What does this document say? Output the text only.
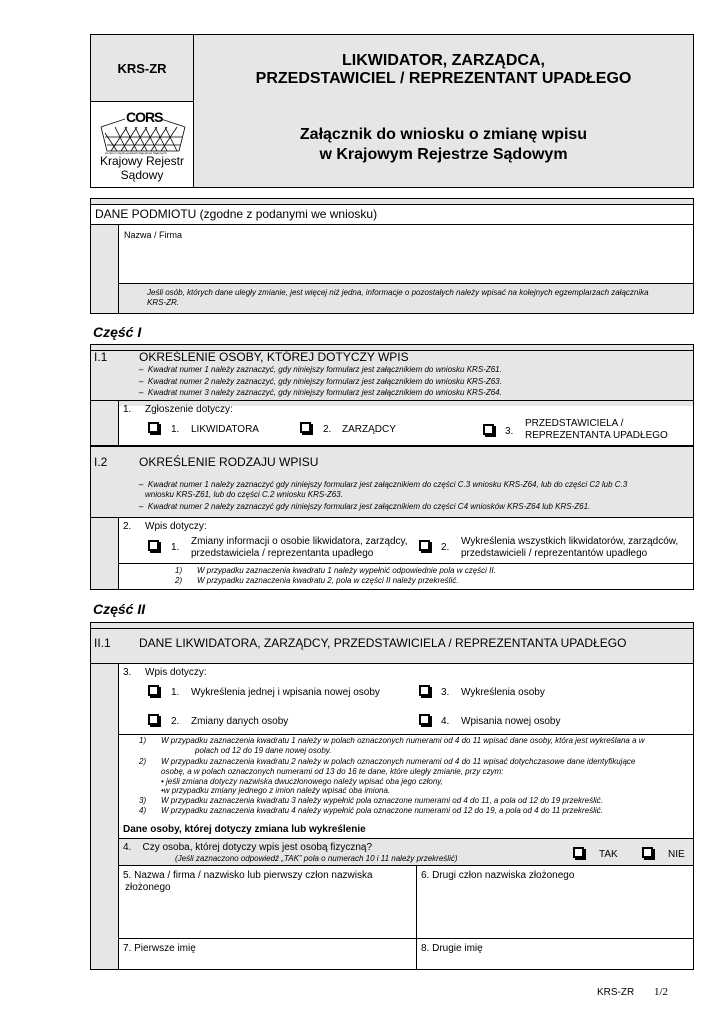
KRS-ZR	LIKWIDATOR, ZARZĄDCA,
PRZEDSTAWICIEL / REPREZENTANT UPADŁEGO
Załącznik do wniosku o zmianę wpisu
w Krajowym Rejestrze Sądowym
CORS
Centrum Ogólnopolskich Rejestrów Sądowych
Krajowy Rejestr
Sądowy
DANE PODMIOTU (zgodne z podanymi we wniosku)
Nazwa / Firma
Jeśli osób, których dane uległy zmianie, jest więcej niż jedna, informacje o pozostałych należy wpisać na kolejnych egzemplarzach załącznika
KRS-ZR.
Część I
I.1	OKREŚLENIE OSOBY, KTÓREJ DOTYCZY WPIS
–  Kwadrat numer 1 należy zaznaczyć, gdy niniejszy formularz jest załącznikiem do wniosku KRS-Z61.
–  Kwadrat numer 2 należy zaznaczyć, gdy niniejszy formularz jest załącznikiem do wniosku KRS-Z63.
–  Kwadrat numer 3 należy zaznaczyć, gdy niniejszy formularz jest załącznikiem do wniosku KRS-Z64.
1. Zgłoszenie dotyczy:
1. LIKWIDATORA	2. ZARZĄDCY	3.
PRZEDSTAWICIELA /
REPREZENTANTA UPADŁEGO
I.2	OKREŚLENIE RODZAJU WPISU
–  Kwadrat numer 1 należy zaznaczyć gdy niniejszy formularz jest załącznikiem do części C.3 wniosku KRS-Z64, lub do części C2 lub C.3
wniosku KRS-Z61, lub do części C.2 wniosku KRS-Z63.
–  Kwadrat numer 2 należy zaznaczyć gdy niniejszy formularz jest załącznikiem do części C4 wniosków KRS-Z64 lub KRS-Z61.
2. Wpis dotyczy:
1.
Zmiany informacji o osobie likwidatora, zarządcy,
przedstawiciela / reprezentanta upadłego
2.
Wykreślenia wszystkich likwidatorów, zarządców,
przedstawicieli / reprezentantów upadłego
1) W przypadku zaznaczenia kwadratu 1 należy wypełnić odpowiednie pola w części II.
2) W przypadku zaznaczenia kwadratu 2, pola w części II należy przekreślić.
Część II
II.1 DANE LIKWIDATORA, ZARZĄDCY, PRZEDSTAWICIELA / REPREZENTANTA UPADŁEGO
3. Wpis dotyczy:
1. Wykreślenia jednej i wpisania nowej osoby	3. Wykreślenia osoby
2. Zmiany danych osoby	4. Wpisania nowej osoby
1) W przypadku zaznaczenia kwadratu 1 należy w polach oznaczonych numerami od 4 do 11 wpisać dane osoby, która jest wykreślana a w
polach od 12 do 19 dane nowej osoby.
2) W przypadku zaznaczenia kwadratu 2 należy w polach oznaczonych numerami od 4 do 11 wpisać dotychczasowe dane identyfikujące
osobę, a w polach oznaczonych numerami od 13 do 16 te dane, które uległy zmianie, przy czym:
• jeśli zmiana dotyczy nazwiska dwuczłonowego należy wpisać oba jego człony,
•w przypadku zmiany jednego z imion należy wpisać oba imiona.
3) W przypadku zaznaczenia kwadratu 3 należy wypełnić pola oznaczone numerami od 4 do 11, a pola od 12 do 19 przekreślić.
4) W przypadku zaznaczenia kwadratu 4 należy wypełnić pola oznaczone numerami od 12 do 19, a pola od 4 do 11 przekreślić.
Dane osoby, której dotyczy zmiana lub wykreślenie
4. Czy osoba, której dotyczy wpis jest osobą fizyczną?
(Jeśli zaznaczono odpowiedź „TAK” pola o numerach 10 i 11 należy przekreślić)	TAK	NIE
5. Nazwa / firma / nazwisko lub pierwszy człon nazwiska
złożonego
6. Drugi człon nazwiska złożonego
7. Pierwsze imię	8. Drugie imię
KRS-ZR 1/2
